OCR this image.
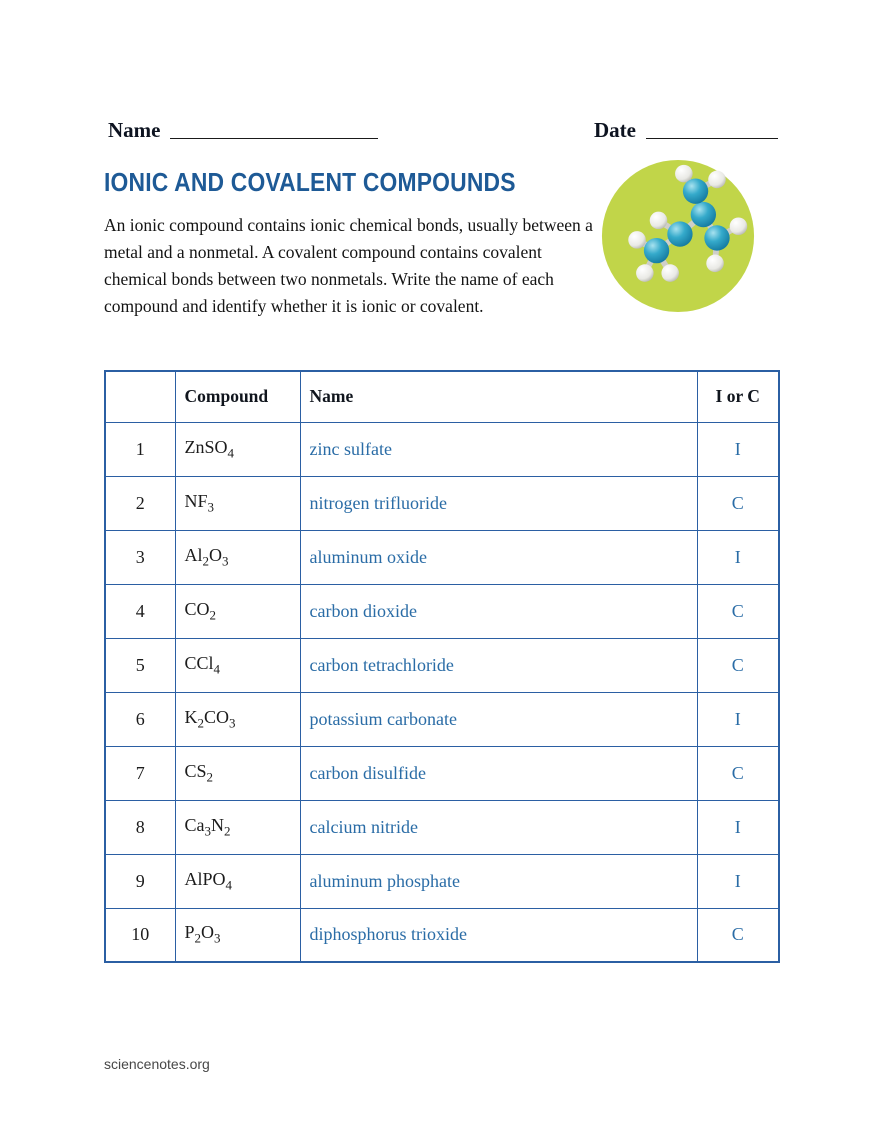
Name	Date
IONIC AND COVALENT COMPOUNDS

An ionic compound contains ionic chemical bonds, usually between a metal and a nonmetal. A covalent compound contains covalent chemical bonds between two nonmetals. Write the name of each compound and identify whether it is ionic or covalent.

	Compound	Name	I or C
1	ZnSO$_4$	zinc sulfate	I
2	$NF_3$	nitrogen trifluoride	C
3	$Al_2O_3$	aluminum oxide	I
4	$CO_2$	carbon dioxide	C
5	CCl$_4$	carbon tetrachloride	C
6	$K_2CO_3$	potassium carbonate	I
7	$CS_2$	carbon disulfide	C
8	$Ca_3N_2$	calcium nitride	I
9	AlPO$_4$	aluminum phosphate	I
10	$P_2O_3$	diphosphorus trioxide	C
sciencenotes.org
